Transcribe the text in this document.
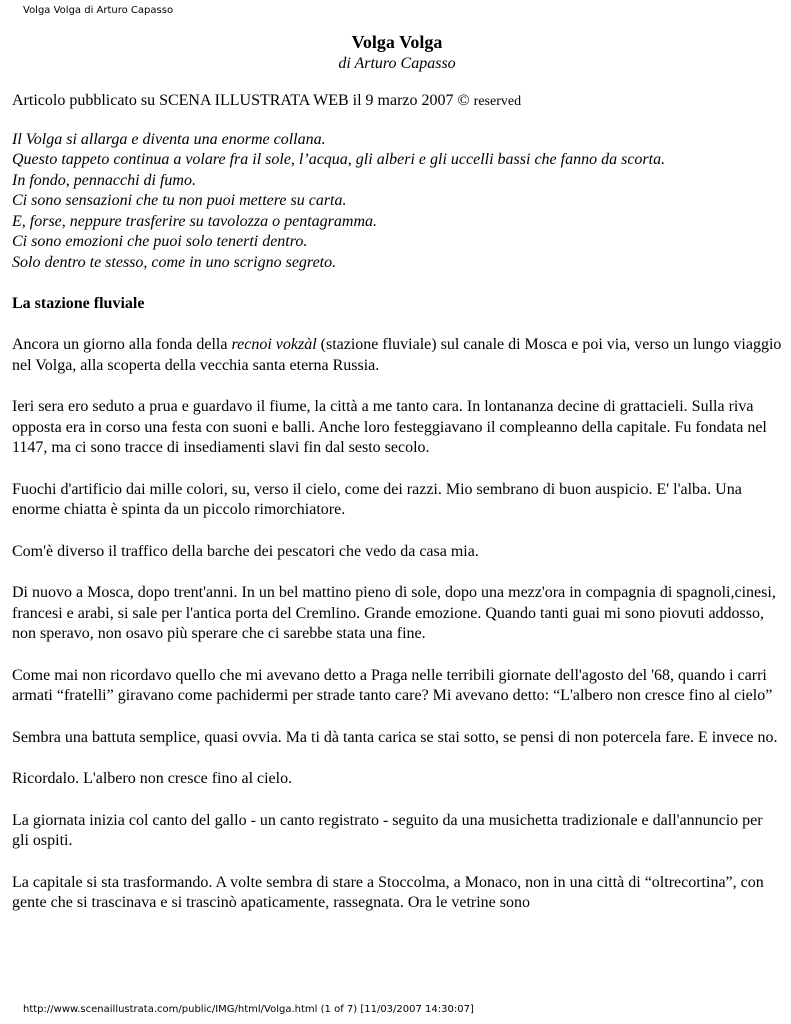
Volga Volga di Arturo Capasso
Volga Volga
di Arturo Capasso
Articolo pubblicato su SCENA ILLUSTRATA WEB il 9 marzo 2007 © reserved
Il Volga si allarga e diventa una enorme collana.
Questo tappeto continua a volare fra il sole, l’acqua, gli alberi e gli uccelli bassi che fanno da scorta.
In fondo, pennacchi di fumo.
Ci sono sensazioni che tu non puoi mettere su carta.
E, forse, neppure trasferire su tavolozza o pentagramma.
Ci sono emozioni che puoi solo tenerti dentro.
Solo dentro te stesso, come in uno scrigno segreto.
La stazione fluviale

Ancora un giorno alla fonda della recnoi vokzàl (stazione fluviale) sul canale di Mosca e poi via, verso un lungo viaggio nel Volga, alla scoperta della vecchia santa eterna Russia.

Ieri sera ero seduto a prua e guardavo il fiume, la città a me tanto cara. In lontananza decine di grattacieli. Sulla riva opposta era in corso una festa con suoni e balli. Anche loro festeggiavano il compleanno della capitale. Fu fondata nel 1147, ma ci sono tracce di insediamenti slavi fin dal sesto secolo.

Fuochi d'artificio dai mille colori, su, verso il cielo, come dei razzi. Mio sembrano di buon auspicio. E' l'alba. Una enorme chiatta è spinta da un piccolo rimorchiatore.

Com'è diverso il traffico della barche dei pescatori che vedo da casa mia.

Di nuovo a Mosca, dopo trent'anni. In un bel mattino pieno di sole, dopo una mezz'ora in compagnia di spagnoli,cinesi, francesi e arabi, si sale per l'antica porta del Cremlino. Grande emozione. Quando tanti guai mi sono piovuti addosso, non speravo, non osavo più sperare che ci sarebbe stata una fine.

Come mai non ricordavo quello che mi avevano detto a Praga nelle terribili giornate dell'agosto del '68, quando i carri armati “fratelli” giravano come pachidermi per strade tanto care? Mi avevano detto: “L'albero non cresce fino al cielo”

Sembra una battuta semplice, quasi ovvia. Ma ti dà tanta carica se stai sotto, se pensi di non potercela fare. E invece no.

Ricordalo. L'albero non cresce fino al cielo.

La giornata inizia col canto del gallo - un canto registrato - seguito da una musichetta tradizionale e dall'annuncio per gli ospiti.

La capitale si sta trasformando. A volte sembra di stare a Stoccolma, a Monaco, non in una città di “oltrecortina”, con gente che si trascinava e si trascinò apaticamente, rassegnata. Ora le vetrine sono

http://www.scenaillustrata.com/public/IMG/html/Volga.html (1 of 7) [11/03/2007 14:30:07]
